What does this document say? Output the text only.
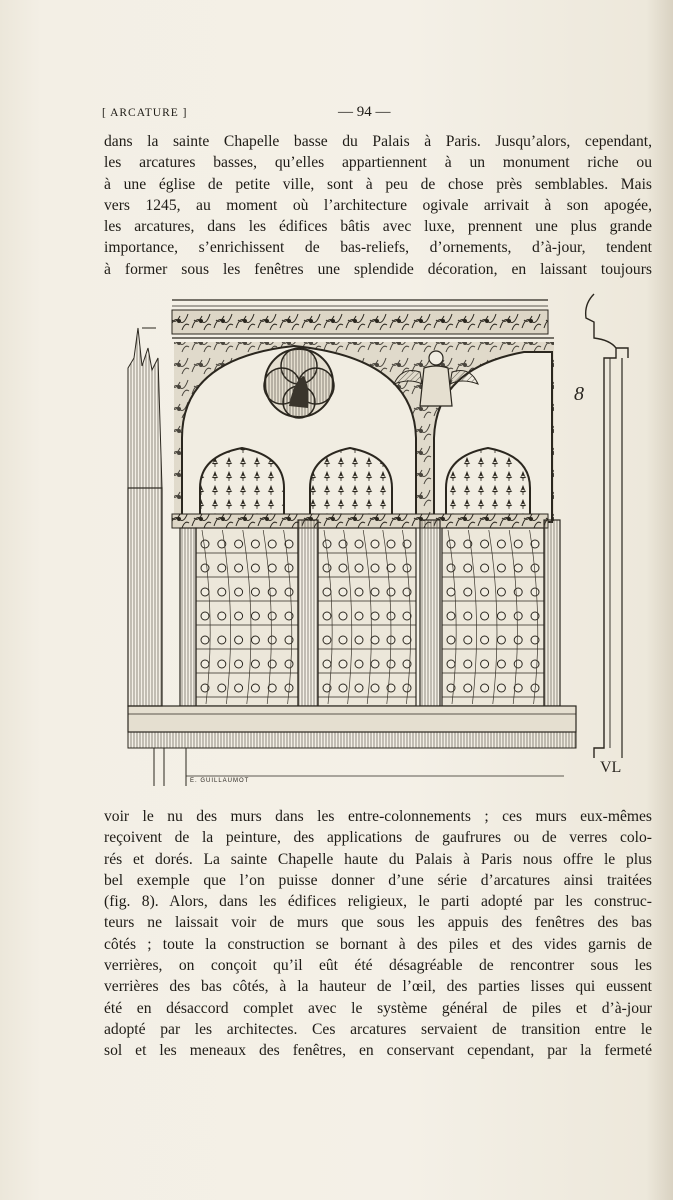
[ ARCATURE ]	— 94 —
dans la sainte Chapelle basse du Palais à Paris. Jusqu’alors, cependant,
les arcatures basses, qu’elles appartiennent à un monument riche ou
à une église de petite ville, sont à peu de chose près semblables. Mais
vers 1245, au moment où l’architecture ogivale arrivait à son apogée,
les arcatures, dans les édifices bâtis avec luxe, prennent une plus grande
importance, s’enrichissent de bas-reliefs, d’ornements, d’à-jour, tendent
à former sous les fenêtres une splendide décoration, en laissant toujours
8
E. GUILLAUMOT
VL
voir le nu des murs dans les entre-colonnements ; ces murs eux-mêmes
reçoivent de la peinture, des applications de gaufrures ou de verres colo-
rés et dorés. La sainte Chapelle haute du Palais à Paris nous offre le plus
bel exemple que l’on puisse donner d’une série d’arcatures ainsi traitées
(fig. 8). Alors, dans les édifices religieux, le parti adopté par les construc-
teurs ne laissait voir de murs que sous les appuis des fenêtres des bas
côtés ; toute la construction se bornant à des piles et des vides garnis de
verrières, on conçoit qu’il eût été désagréable de rencontrer sous les
verrières des bas côtés, à la hauteur de l’œil, des parties lisses qui eussent
été en désaccord complet avec le système général de piles et d’à-jour
adopté par les architectes. Ces arcatures servaient de transition entre le
sol et les meneaux des fenêtres, en conservant cependant, par la fermeté
